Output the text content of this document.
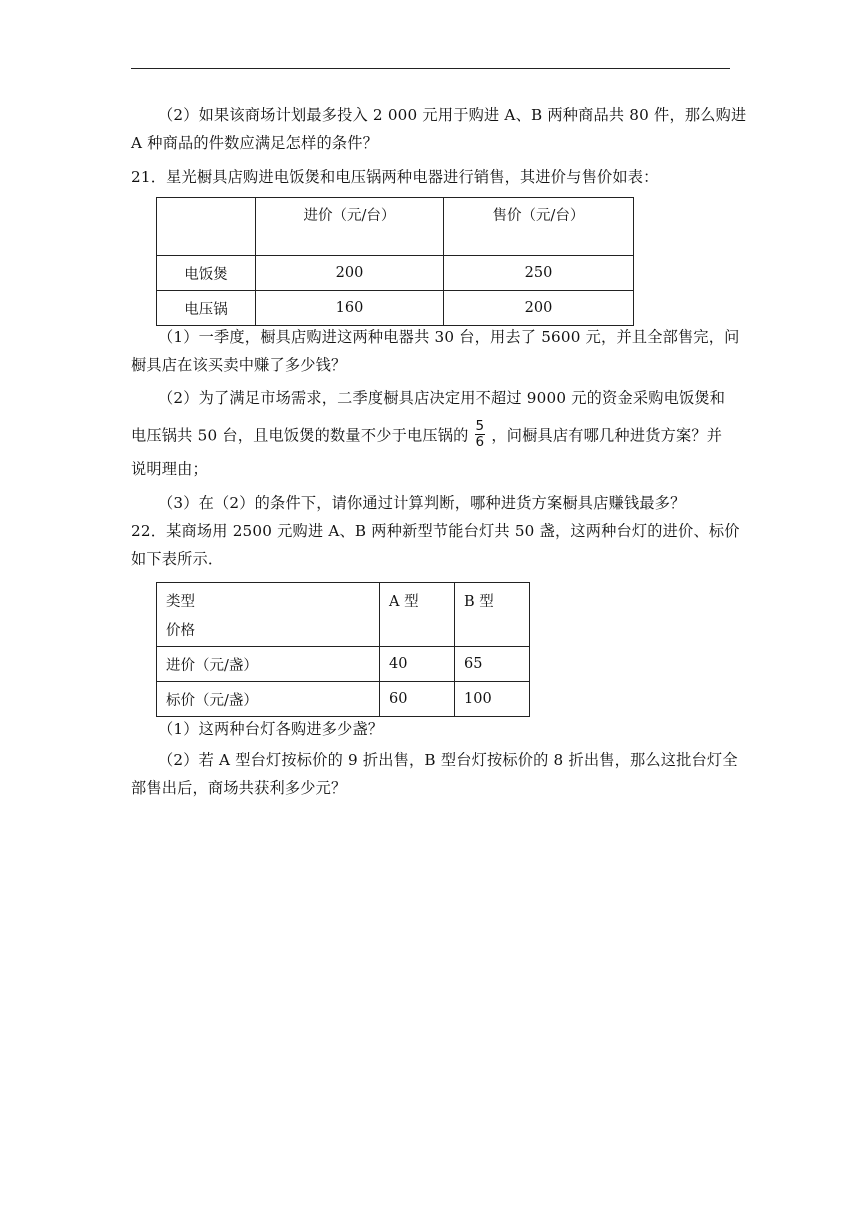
（2）如果该商场计划最多投入 2 000 元用于购进 A、B 两种商品共 80 件，那么购进
A 种商品的件数应满足怎样的条件？
21．星光橱具店购进电饭煲和电压锅两种电器进行销售，其进价与售价如表：
	进价（元/台）	售价（元/台）
电饭煲	200	250
电压锅	160	200
（1）一季度，橱具店购进这两种电器共 30 台，用去了 5600 元，并且全部售完，问
橱具店在该买卖中赚了多少钱？
（2）为了满足市场需求，二季度橱具店决定用不超过 9000 元的资金采购电饭煲和
电压锅共 50 台，且电饭煲的数量不少于电压锅的 $\frac{5}{6}$ ，问橱具店有哪几种进货方案？并
说明理由；
（3）在（2）的条件下，请你通过计算判断，哪种进货方案橱具店赚钱最多？
22．某商场用 2500 元购进 A、B 两种新型节能台灯共 50 盏，这两种台灯的进价、标价
如下表所示．
类型
价格	A 型	B 型
进价（元/盏）	40	65
标价（元/盏）	60	100
（1）这两种台灯各购进多少盏？
（2）若 A 型台灯按标价的 9 折出售，B 型台灯按标价的 8 折出售，那么这批台灯全
部售出后，商场共获利多少元？
